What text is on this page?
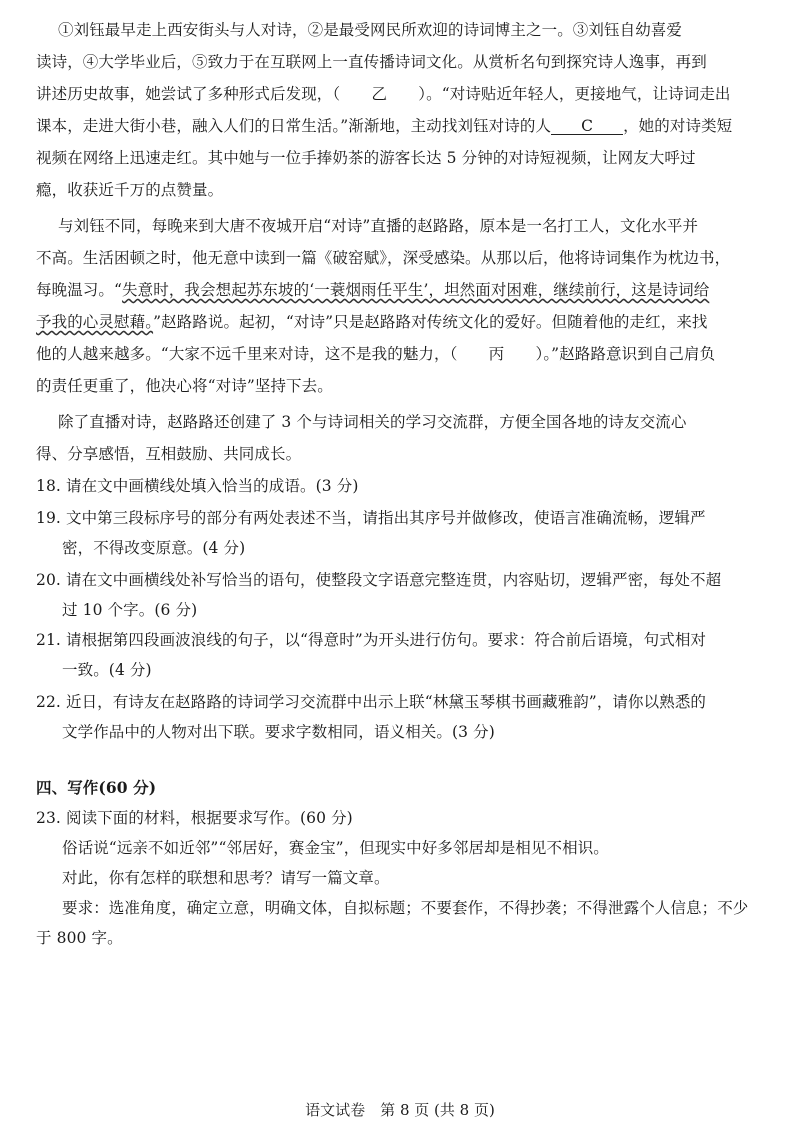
①刘钰最早走上西安街头与人对诗，②是最受网民所欢迎的诗词博主之一。③刘钰自幼喜爱
读诗，④大学毕业后，⑤致力于在互联网上一直传播诗词文化。从赏析名句到探究诗人逸事，再到
讲述历史故事，她尝试了多种形式后发现，（　　乙　　）。“对诗贴近年轻人，更接地气，让诗词走出
课本，走进大街小巷，融入人们的日常生活。”渐渐地，主动找刘钰对诗的人 C ，她的对诗类短
视频在网络上迅速走红。其中她与一位手捧奶茶的游客长达 5 分钟的对诗短视频，让网友大呼过
瘾，收获近千万的点赞量。
与刘钰不同，每晚来到大唐不夜城开启“对诗”直播的赵路路，原本是一名打工人，文化水平并
不高。生活困顿之时，他无意中读到一篇《破窑赋》，深受感染。从那以后，他将诗词集作为枕边书，
每晚温习。“失意时，我会想起苏东坡的‘一蓑烟雨任平生’，坦然面对困难，继续前行，这是诗词给
予我的心灵慰藉。”赵路路说。起初，“对诗”只是赵路路对传统文化的爱好。但随着他的走红，来找
他的人越来越多。“大家不远千里来对诗，这不是我的魅力，（　　丙　　）。”赵路路意识到自己肩负
的责任更重了，他决心将“对诗”坚持下去。
除了直播对诗，赵路路还创建了 3 个与诗词相关的学习交流群，方便全国各地的诗友交流心
得、分享感悟，互相鼓励、共同成长。
18. 请在文中画横线处填入恰当的成语。(3 分)
19. 文中第三段标序号的部分有两处表述不当，请指出其序号并做修改，使语言准确流畅，逻辑严
密，不得改变原意。(4 分)
20. 请在文中画横线处补写恰当的语句，使整段文字语意完整连贯，内容贴切，逻辑严密，每处不超
过 10 个字。(6 分)
21. 请根据第四段画波浪线的句子，以“得意时”为开头进行仿句。要求：符合前后语境，句式相对
一致。(4 分)
22. 近日，有诗友在赵路路的诗词学习交流群中出示上联“林黛玉琴棋书画藏雅韵”，请你以熟悉的
文学作品中的人物对出下联。要求字数相同，语义相关。(3 分)
四、写作(60 分)
23. 阅读下面的材料，根据要求写作。(60 分)
俗话说“远亲不如近邻”“邻居好，赛金宝”，但现实中好多邻居却是相见不相识。
对此，你有怎样的联想和思考？请写一篇文章。
要求：选准角度，确定立意，明确文体，自拟标题；不要套作，不得抄袭；不得泄露个人信息；不少
于 800 字。
语文试卷　第 8 页 (共 8 页)
